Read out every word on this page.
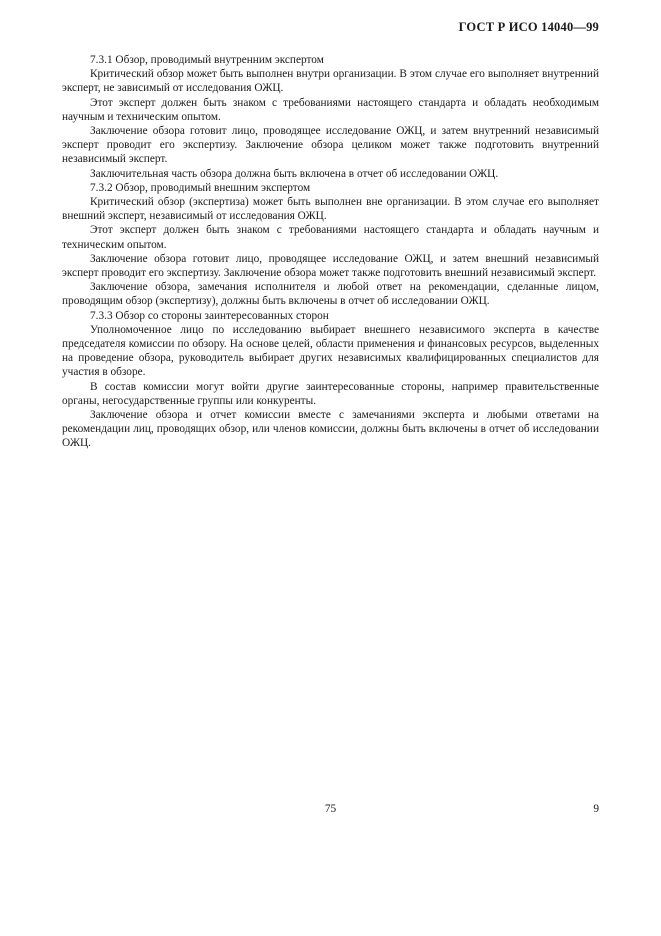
ГОСТ Р ИСО 14040—99

7.3.1 Обзор, проводимый внутренним экспертом

Критический обзор может быть выполнен внутри организации. В этом случае его выполняет внутренний эксперт, не зависимый от исследования ОЖЦ.

Этот эксперт должен быть знаком с требованиями настоящего стандарта и обладать необходимым научным и техническим опытом.

Заключение обзора готовит лицо, проводящее исследование ОЖЦ, и затем внутренний независимый эксперт проводит его экспертизу. Заключение обзора целиком может также подготовить внутренний независимый эксперт.

Заключительная часть обзора должна быть включена в отчет об исследовании ОЖЦ.

7.3.2 Обзор, проводимый внешним экспертом

Критический обзор (экспертиза) может быть выполнен вне организации. В этом случае его выполняет внешний эксперт, независимый от исследования ОЖЦ.

Этот эксперт должен быть знаком с требованиями настоящего стандарта и обладать научным и техническим опытом.

Заключение обзора готовит лицо, проводящее исследование ОЖЦ, и затем внешний независимый эксперт проводит его экспертизу. Заключение обзора может также подготовить внешний независимый эксперт.

Заключение обзора, замечания исполнителя и любой ответ на рекомендации, сделанные лицом, проводящим обзор (экспертизу), должны быть включены в отчет об исследовании ОЖЦ.

7.3.3 Обзор со стороны заинтересованных сторон

Уполномоченное лицо по исследованию выбирает внешнего независимого эксперта в качестве председателя комиссии по обзору. На основе целей, области применения и финансовых ресурсов, выделенных на проведение обзора, руководитель выбирает других независимых квалифицированных специалистов для участия в обзоре.

В состав комиссии могут войти другие заинтересованные стороны, например правительственные органы, негосударственные группы или конкуренты.

Заключение обзора и отчет комиссии вместе с замечаниями эксперта и любыми ответами на рекомендации лиц, проводящих обзор, или членов комиссии, должны быть включены в отчет об исследовании ОЖЦ.

75	9
